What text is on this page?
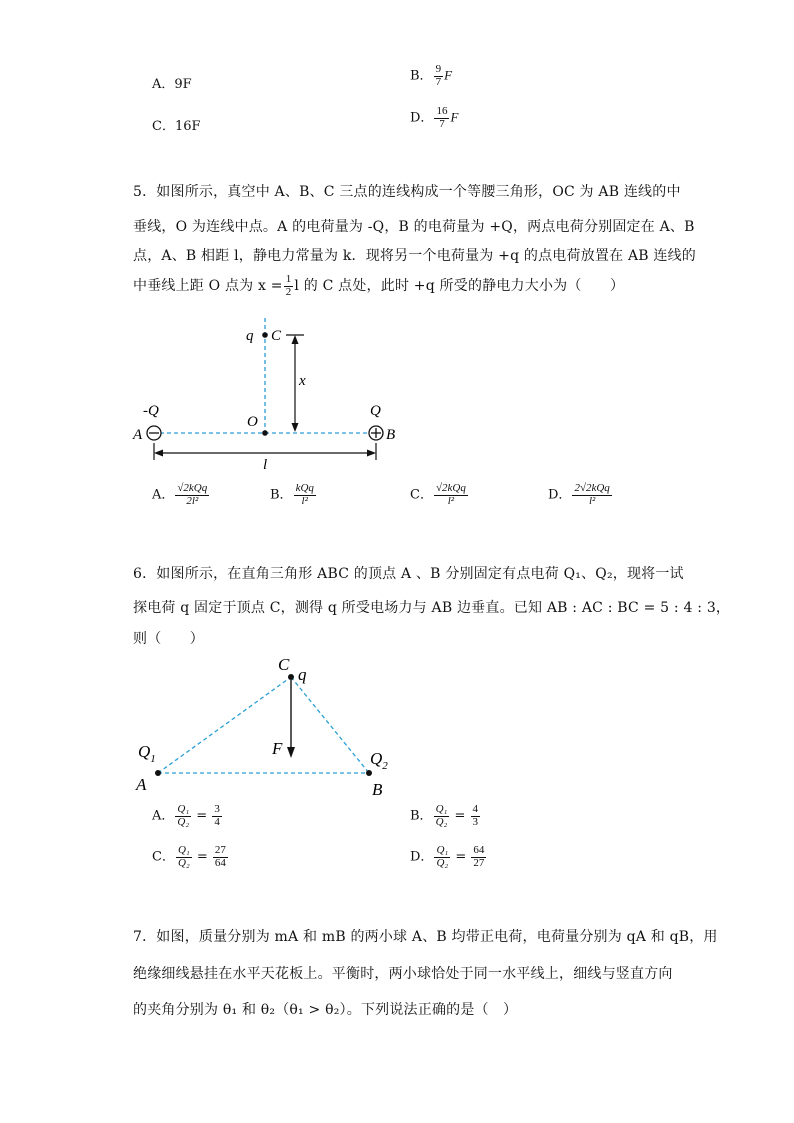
A．9F
B． $\frac{9}{7}$ F
C．16F
D． $\frac{16}{7}$ F
5．如图所示，真空中 A、B、C 三点的连线构成一个等腰三角形，OC 为 AB 连线的中
垂线，O 为连线中点。A 的电荷量为 -Q，B 的电荷量为 +Q，两点电荷分别固定在 A、B
点，A、B 相距 l，静电力常量为 k．现将另一个电荷量为 +q 的点电荷放置在 AB 连线的
中垂线上距 O 点为 $x = \frac{1}{2}$ l 的 C 点处，此时 +q 所受的静电力大小为（　　）
q C
x
O
-Q
A
Q
B
l
A． $\frac{\text{√2kQq}}{\text{2l²}}$	B． $\frac{\text{kQq}}{\text{l²}}$	C． $\frac{\text{√2kQq}}{\text{l²}}$	D． $\frac{\text{2√2kQq}}{\text{l²}}$
6．如图所示，在直角三角形 ABC 的顶点 A 、B 分别固定有点电荷 Q₁、Q₂，现将一试
探电荷 q 固定于顶点 C，测得 q 所受电场力与 AB 边垂直。已知 AB : AC : BC = 5 : 4 : 3，
则（　　）
F
C
q
$Q_1$
A
$Q_2$
B
A． $\frac{\text{Q₁}}{\text{Q₂}} = \frac{3}{4}$	B． $\frac{\text{Q₁}}{\text{Q₂}} = \frac{4}{3}$
C． $\frac{\text{Q₁}}{\text{Q₂}} = \frac{27}{64}$	D． $\frac{\text{Q₁}}{\text{Q₂}} = \frac{64}{27}$
7．如图，质量分别为 mA 和 mB 的两小球 A、B 均带正电荷，电荷量分别为 qA 和 qB，用
绝缘细线悬挂在水平天花板上。平衡时，两小球恰处于同一水平线上，细线与竖直方向
的夹角分别为 θ₁ 和 θ₂（θ₁ > θ₂）。下列说法正确的是（　）
